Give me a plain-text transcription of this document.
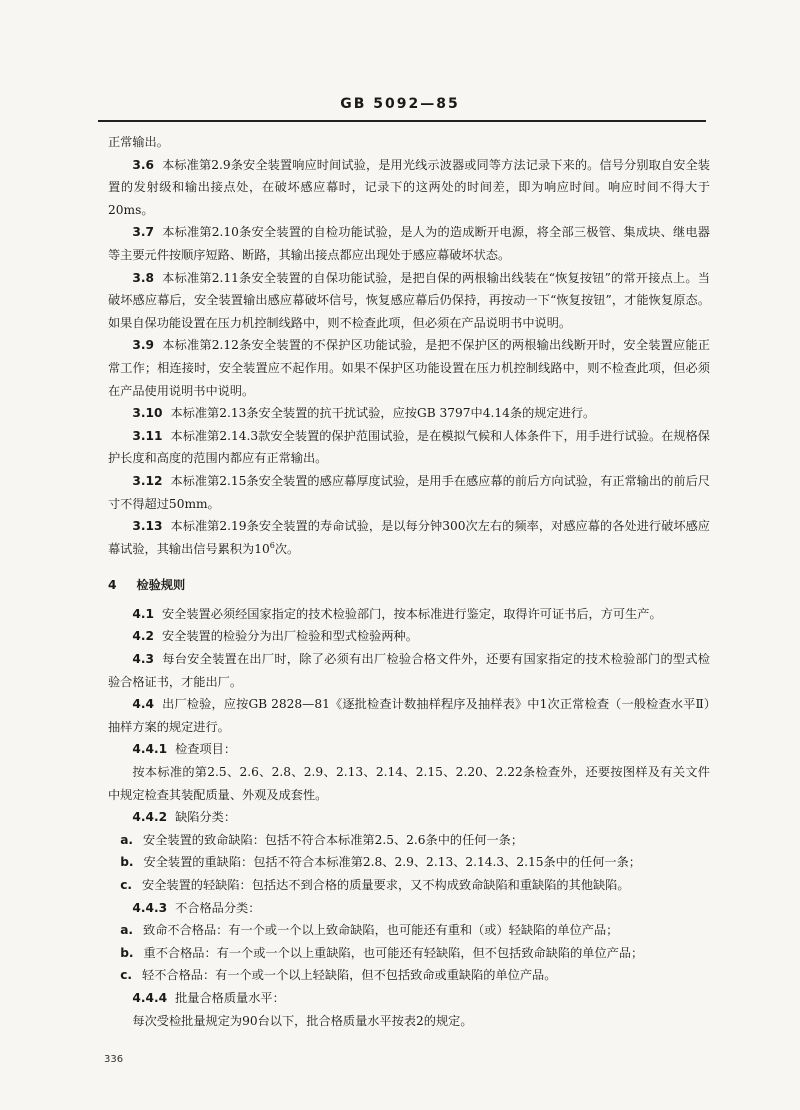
GB 5092—85

正常输出。

3.6 本标准第2.9条安全装置响应时间试验，是用光线示波器或同等方法记录下来的。信号分别取自安全装置的发射级和输出接点处，在破坏感应幕时，记录下的这两处的时间差，即为响应时间。响应时间不得大于20ms。

3.7 本标准第2.10条安全装置的自检功能试验，是人为的造成断开电源，将全部三极管、集成块、继电器等主要元件按顺序短路、断路，其输出接点都应出现处于感应幕破坏状态。

3.8 本标准第2.11条安全装置的自保功能试验，是把自保的两根输出线装在“恢复按钮”的常开接点上。当破坏感应幕后，安全装置输出感应幕破坏信号，恢复感应幕后仍保持，再按动一下“恢复按钮”，才能恢复原态。如果自保功能设置在压力机控制线路中，则不检查此项，但必须在产品说明书中说明。

3.9 本标准第2.12条安全装置的不保护区功能试验，是把不保护区的两根输出线断开时，安全装置应能正常工作；相连接时，安全装置应不起作用。如果不保护区功能设置在压力机控制线路中，则不检查此项，但必须在产品使用说明书中说明。

3.10 本标准第2.13条安全装置的抗干扰试验，应按GB 3797中4.14条的规定进行。

3.11 本标准第2.14.3款安全装置的保护范围试验，是在模拟气候和人体条件下，用手进行试验。在规格保护长度和高度的范围内都应有正常输出。

3.12 本标准第2.15条安全装置的感应幕厚度试验，是用手在感应幕的前后方向试验，有正常输出的前后尺寸不得超过50mm。

3.13 本标准第2.19条安全装置的寿命试验，是以每分钟300次左右的频率，对感应幕的各处进行破坏感应幕试验，其输出信号累积为$10^6$次。

4 检验规则

4.1 安全装置必须经国家指定的技术检验部门，按本标准进行鉴定，取得许可证书后，方可生产。

4.2 安全装置的检验分为出厂检验和型式检验两种。

4.3 每台安全装置在出厂时，除了必须有出厂检验合格文件外，还要有国家指定的技术检验部门的型式检验合格证书，才能出厂。

4.4 出厂检验，应按GB 2828—81《逐批检查计数抽样程序及抽样表》中1次正常检查（一般检查水平Ⅱ）抽样方案的规定进行。

4.4.1 检查项目：

按本标准的第2.5、2.6、2.8、2.9、2.13、2.14、2.15、2.20、2.22条检查外，还要按图样及有关文件中规定检查其装配质量、外观及成套性。

4.4.2 缺陷分类：

a. 安全装置的致命缺陷：包括不符合本标准第2.5、2.6条中的任何一条；

b. 安全装置的重缺陷：包括不符合本标准第2.8、2.9、2.13、2.14.3、2.15条中的任何一条；

c. 安全装置的轻缺陷：包括达不到合格的质量要求，又不构成致命缺陷和重缺陷的其他缺陷。

4.4.3 不合格品分类：

a. 致命不合格品：有一个或一个以上致命缺陷，也可能还有重和（或）轻缺陷的单位产品；

b. 重不合格品：有一个或一个以上重缺陷，也可能还有轻缺陷，但不包括致命缺陷的单位产品；

c. 轻不合格品：有一个或一个以上轻缺陷，但不包括致命或重缺陷的单位产品。

4.4.4 批量合格质量水平：

每次受检批量规定为90台以下，批合格质量水平按表2的规定。

336
